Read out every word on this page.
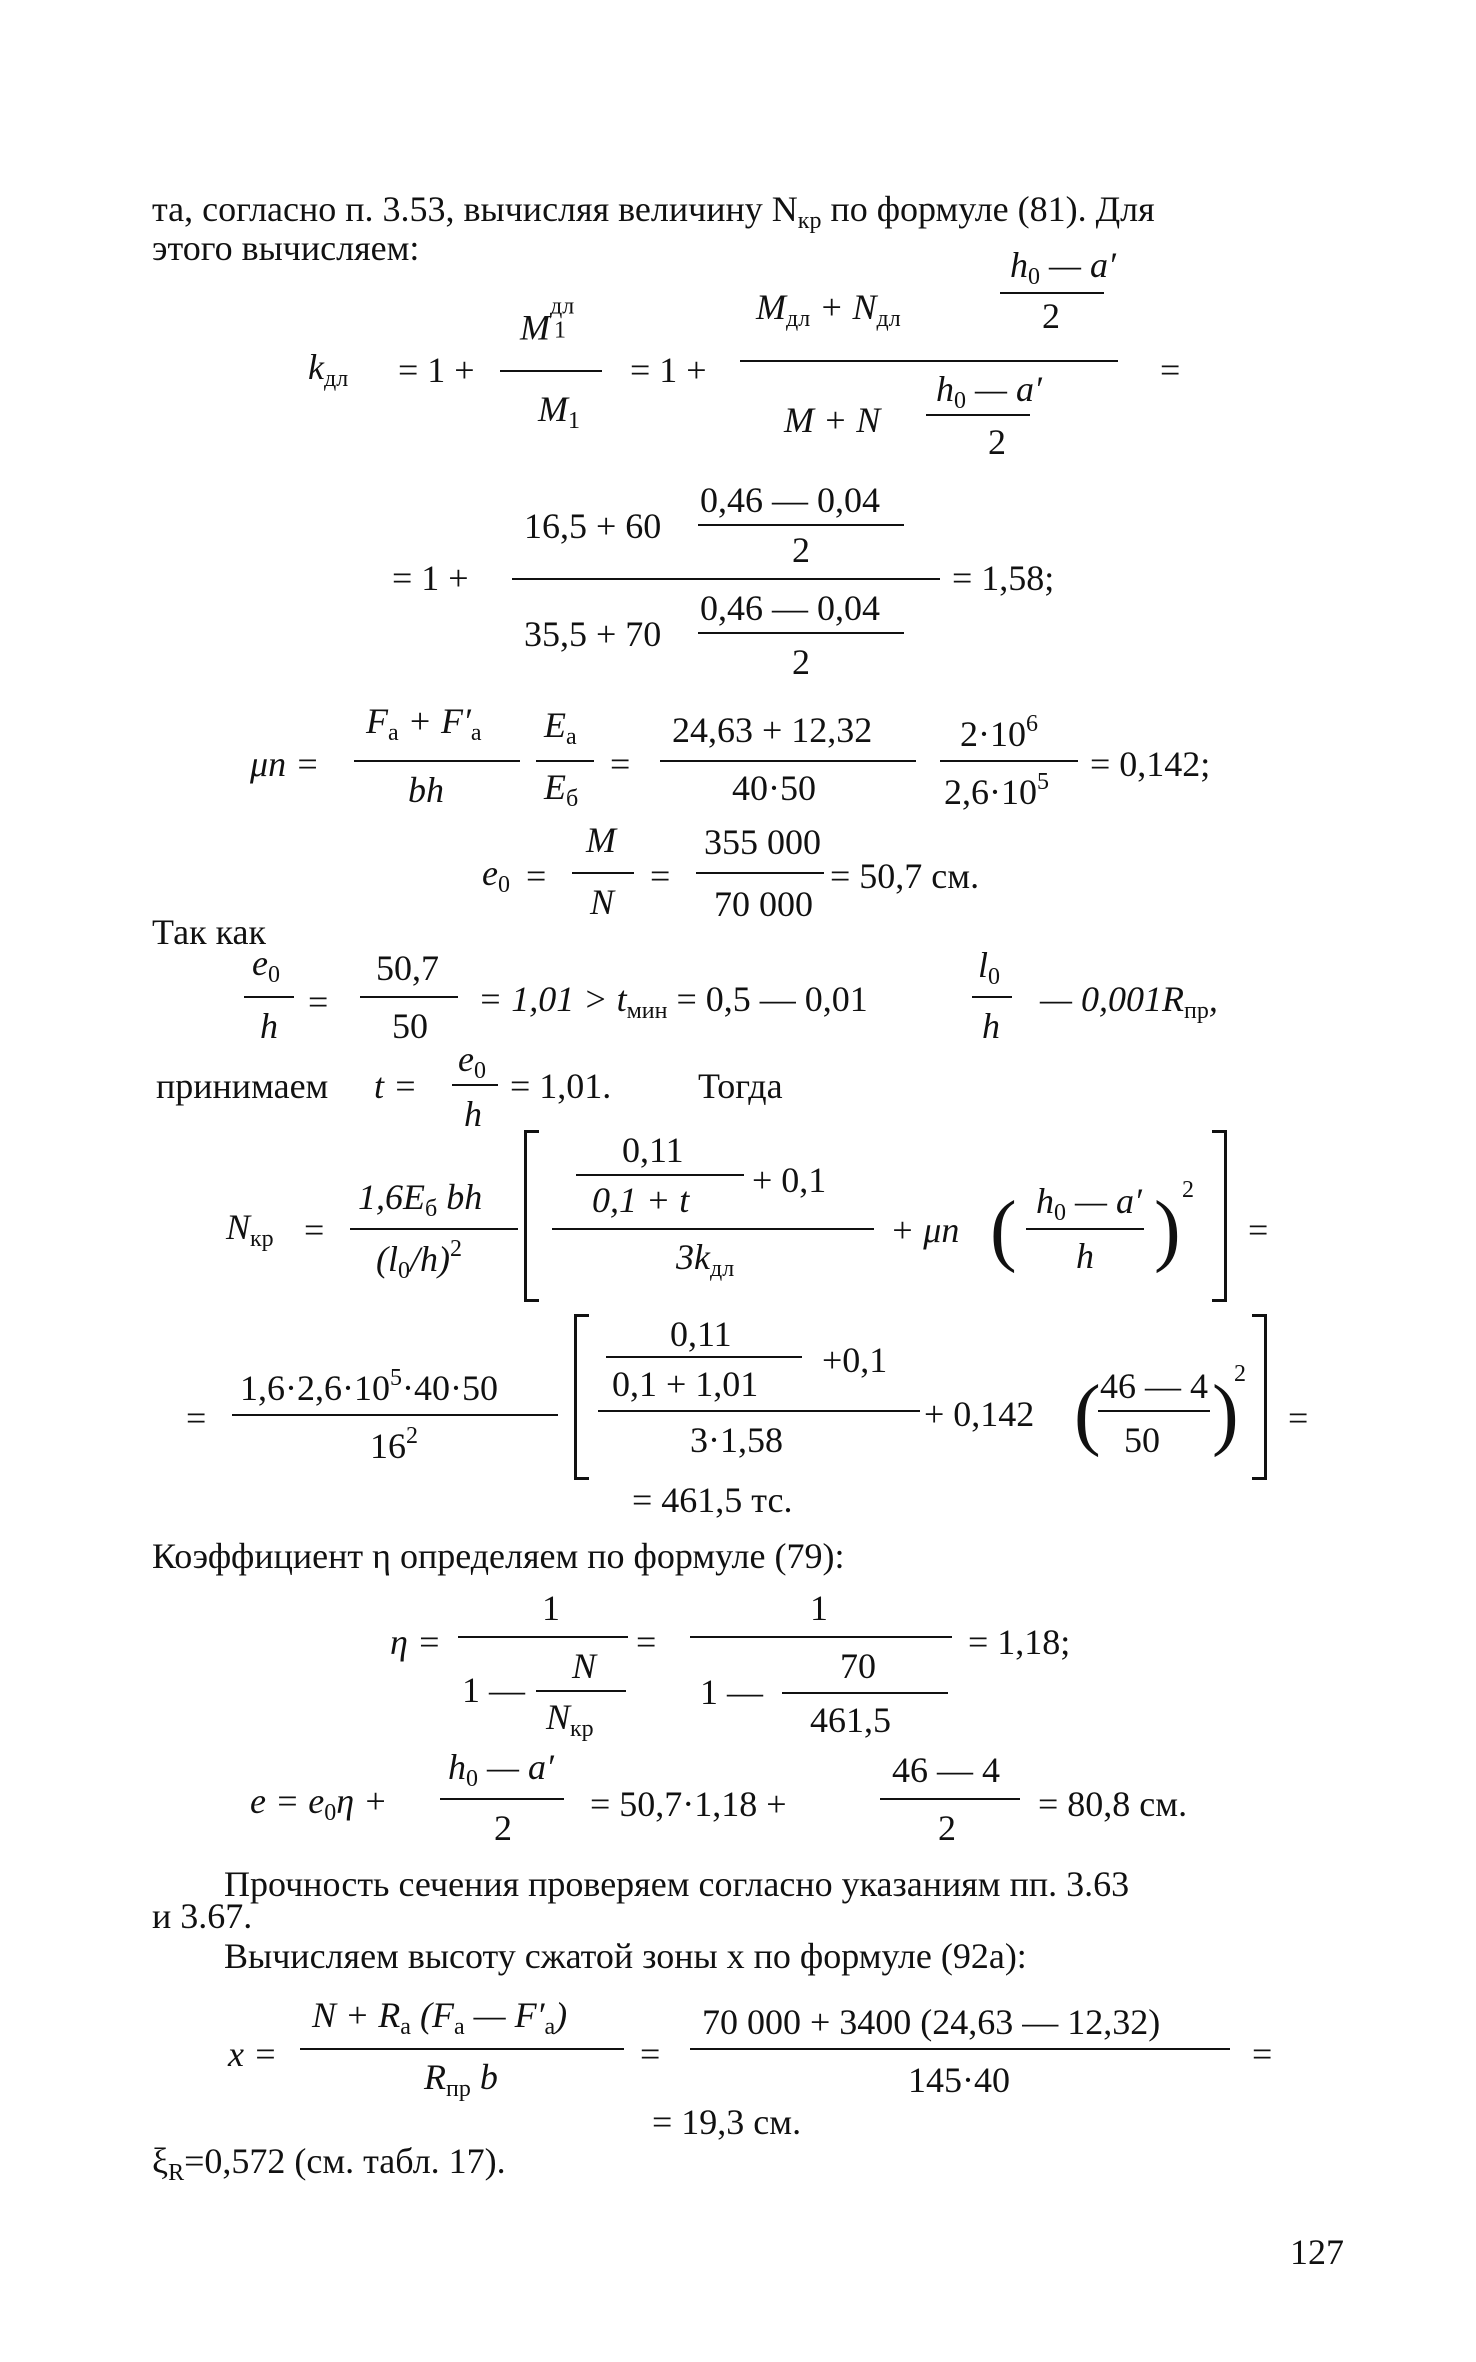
та, согласно п. 3.53, вычисляя величину $N_{кр}$ по формуле (81). Для
этого вычисляем:
$k_{дл} = 1$ +	= 1 +	=
M
дл
1
$M_1$
$M_{дл} + N_{дл}$
$h_0$ — a′
2
M + N
$h_0$ — a′
2
= 1 +	= 1,58;
16,5 + 60
0,46 — 0,04
2
35,5 + 70
0,46 — 0,04
2
μn =	=	= 0,142;
$F_a + F'_a$
bh
$E_a$
$E_б$
24,63 + 12,32
40·50
$2\cdot 10^6$
$2,6\cdot 10^5$
$e_0$ =	=	= 50,7 см.
M
N
355 000
70 000
Так как
=	= $1,01 > t_{мин} = 0,5$ — 0,01	— $0,001R_{пр}$,
$e_0$
h
50,7
50
$l_0$
h
принимаем t =	= 1,01. Тогда
$e_0$
h
$N_{кр}$ =	=
$1,6E_б$ bh
$(l_0/h)^2$
0,11
0,1 + t + 0,1
$3k_{дл}$
+ μn ( )
$h_0$ — a′
h
2
=	=
$1,6\cdot 2,6\cdot 10^5\cdot 40\cdot 50$
$16^2$
0,11
0,1 + 1,01
+0,1
3·1,58
+ 0,142 ( )
46 — 4
50
2
= 461,5 тс.
Коэффициент η определяем по формуле (79):
η =	=	= 1,18;
1
1 —
N
$N_{кр}$
1
1 —
70
461,5
$e = e_0\eta$ +	= 50,7·1,18 +	= 80,8 см.
$h_0$ — a′
2
46 — 4
2
Прочность сечения проверяем согласно указаниям пп. 3.63
и 3.67.
Вычисляем высоту сжатой зоны x по формуле (92а):
x =	=	=
$N + R_a$ ($F_a$ — $F'_a$)
$R_{пр}$ b
70 000 + 3400 (24,63 — 12,32)
145·40
= 19,3 см.
$\xi_R=0,572$ (см. табл. 17).
127
